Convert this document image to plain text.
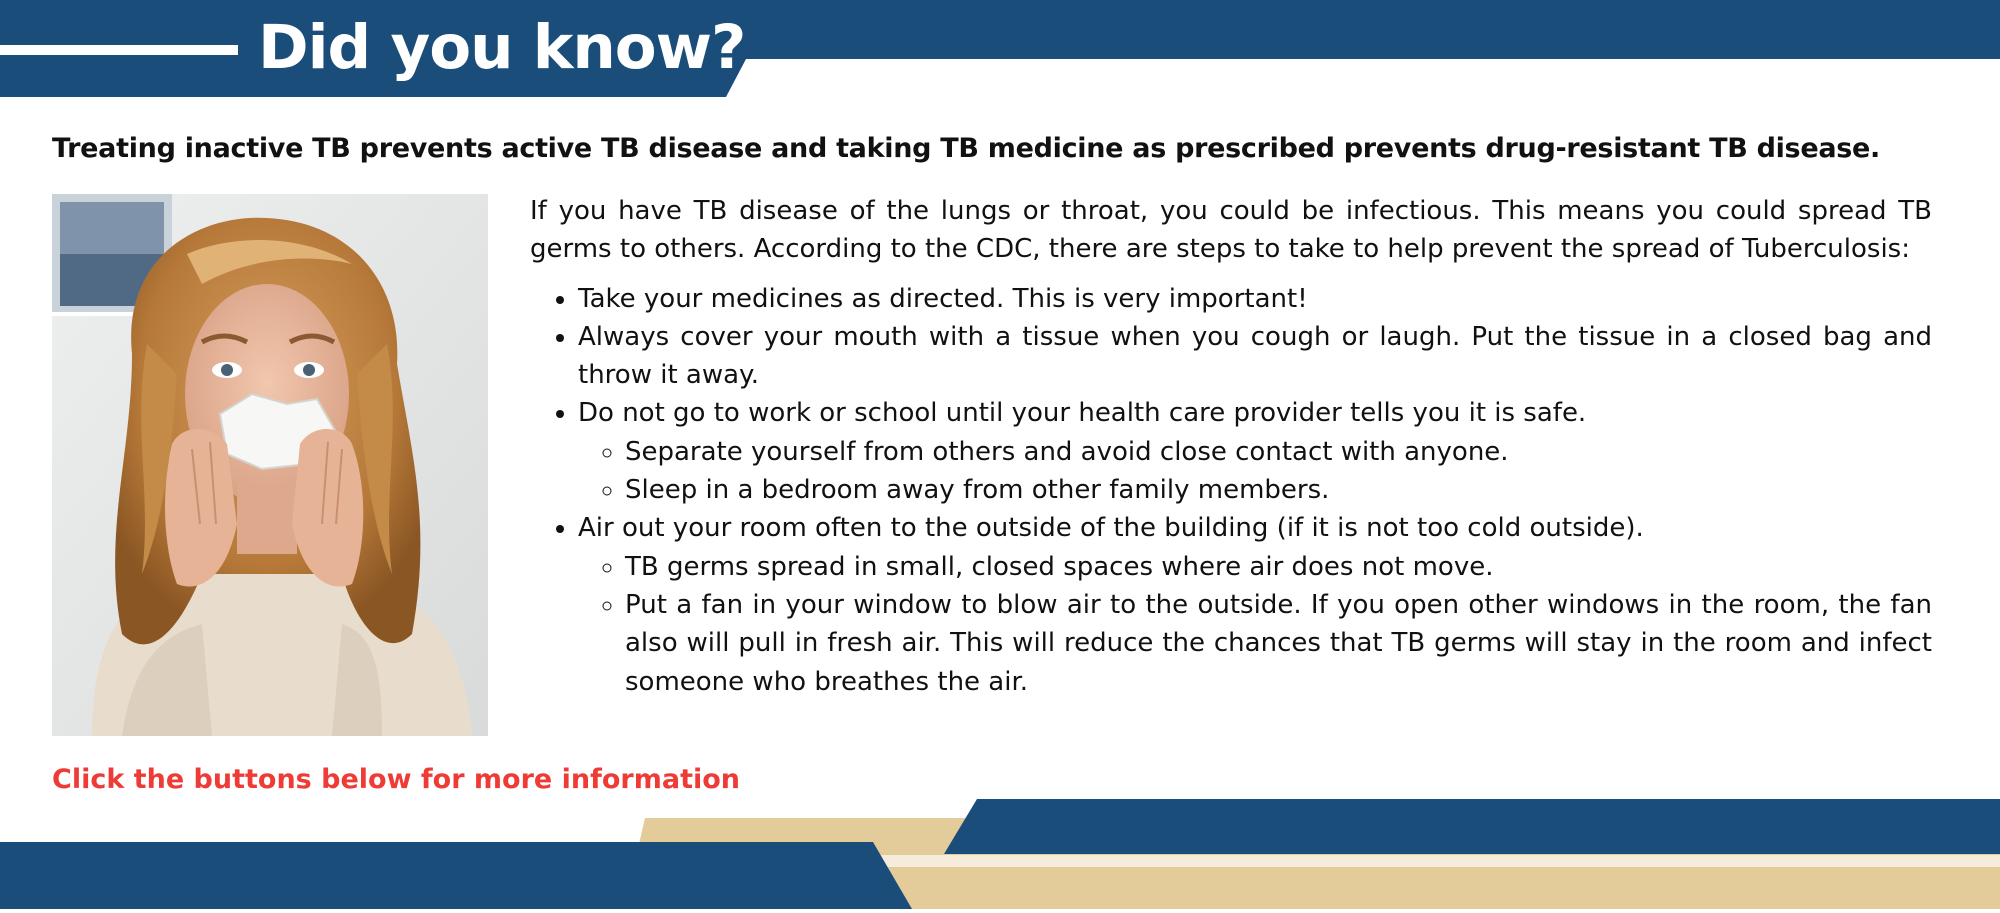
Did you know?

Treating inactive TB prevents active TB disease and taking TB medicine as prescribed prevents drug-resistant TB disease.

If you have TB disease of the lungs or throat, you could be infectious. This means you could spread TB germs to others. According to the CDC, there are steps to take to help prevent the spread of Tuberculosis:

• Take your medicines as directed. This is very important!
• Always cover your mouth with a tissue when you cough or laugh. Put the tissue in a closed bag and throw it away.
• Do not go to work or school until your health care provider tells you it is safe.
◦ Separate yourself from others and avoid close contact with anyone.
◦ Sleep in a bedroom away from other family members.
• Air out your room often to the outside of the building (if it is not too cold outside).
◦ TB germs spread in small, closed spaces where air does not move.
◦ Put a fan in your window to blow air to the outside. If you open other windows in the room, the fan also will pull in fresh air. This will reduce the chances that TB germs will stay in the room and infect someone who breathes the air.

Click the buttons below for more information
